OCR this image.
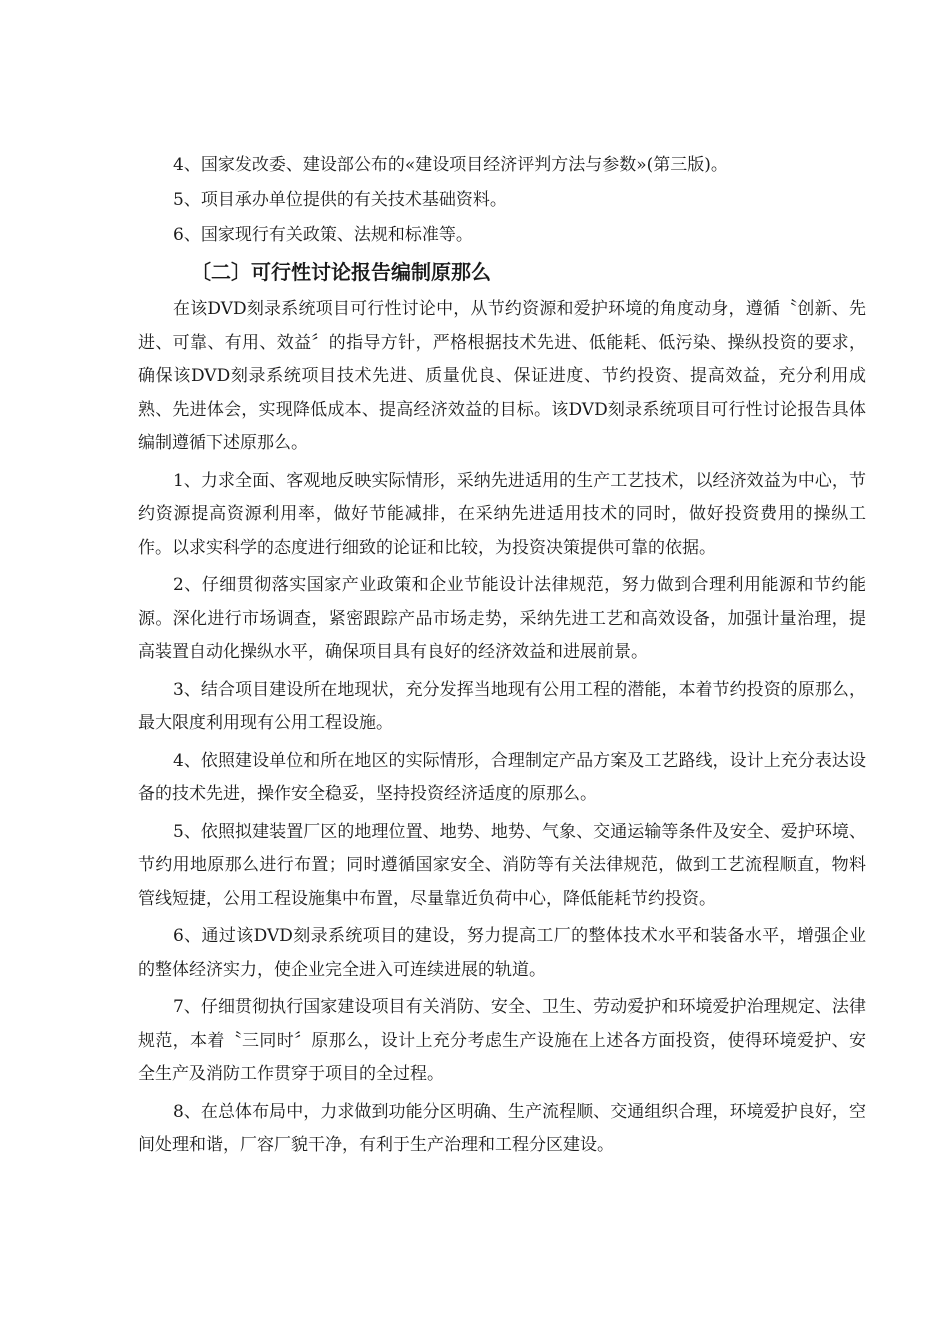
4、国家发改委、建设部公布的«建设项目经济评判方法与参数»(第三版)。

5、项目承办单位提供的有关技术基础资料。

6、国家现行有关政策、法规和标准等。

〔二〕可行性讨论报告编制原那么

在该DVD刻录系统项目可行性讨论中，从节约资源和爱护环境的角度动身，遵循〝创新、先进、可靠、有用、效益〞的指导方针，严格根据技术先进、低能耗、低污染、操纵投资的要求，确保该DVD刻录系统项目技术先进、质量优良、保证进度、节约投资、提高效益，充分利用成熟、先进体会，实现降低成本、提高经济效益的目标。该DVD刻录系统项目可行性讨论报告具体编制遵循下述原那么。

1、力求全面、客观地反映实际情形，采纳先进适用的生产工艺技术，以经济效益为中心，节约资源提高资源利用率，做好节能减排，在采纳先进适用技术的同时，做好投资费用的操纵工作。以求实科学的态度进行细致的论证和比较，为投资决策提供可靠的依据。

2、仔细贯彻落实国家产业政策和企业节能设计法律规范，努力做到合理利用能源和节约能源。深化进行市场调查，紧密跟踪产品市场走势，采纳先进工艺和高效设备，加强计量治理，提高装置自动化操纵水平，确保项目具有良好的经济效益和进展前景。

3、结合项目建设所在地现状，充分发挥当地现有公用工程的潜能，本着节约投资的原那么，最大限度利用现有公用工程设施。

4、依照建设单位和所在地区的实际情形，合理制定产品方案及工艺路线，设计上充分表达设备的技术先进，操作安全稳妥，坚持投资经济适度的原那么。

5、依照拟建装置厂区的地理位置、地势、地势、气象、交通运输等条件及安全、爱护环境、节约用地原那么进行布置；同时遵循国家安全、消防等有关法律规范，做到工艺流程顺直，物料管线短捷，公用工程设施集中布置，尽量靠近负荷中心，降低能耗节约投资。

6、通过该DVD刻录系统项目的建设，努力提高工厂的整体技术水平和装备水平，增强企业的整体经济实力，使企业完全进入可连续进展的轨道。

7、仔细贯彻执行国家建设项目有关消防、安全、卫生、劳动爱护和环境爱护治理规定、法律规范，本着〝三同时〞原那么，设计上充分考虑生产设施在上述各方面投资，使得环境爱护、安全生产及消防工作贯穿于项目的全过程。

8、在总体布局中，力求做到功能分区明确、生产流程顺、交通组织合理，环境爱护良好，空间处理和谐，厂容厂貌干净，有利于生产治理和工程分区建设。
